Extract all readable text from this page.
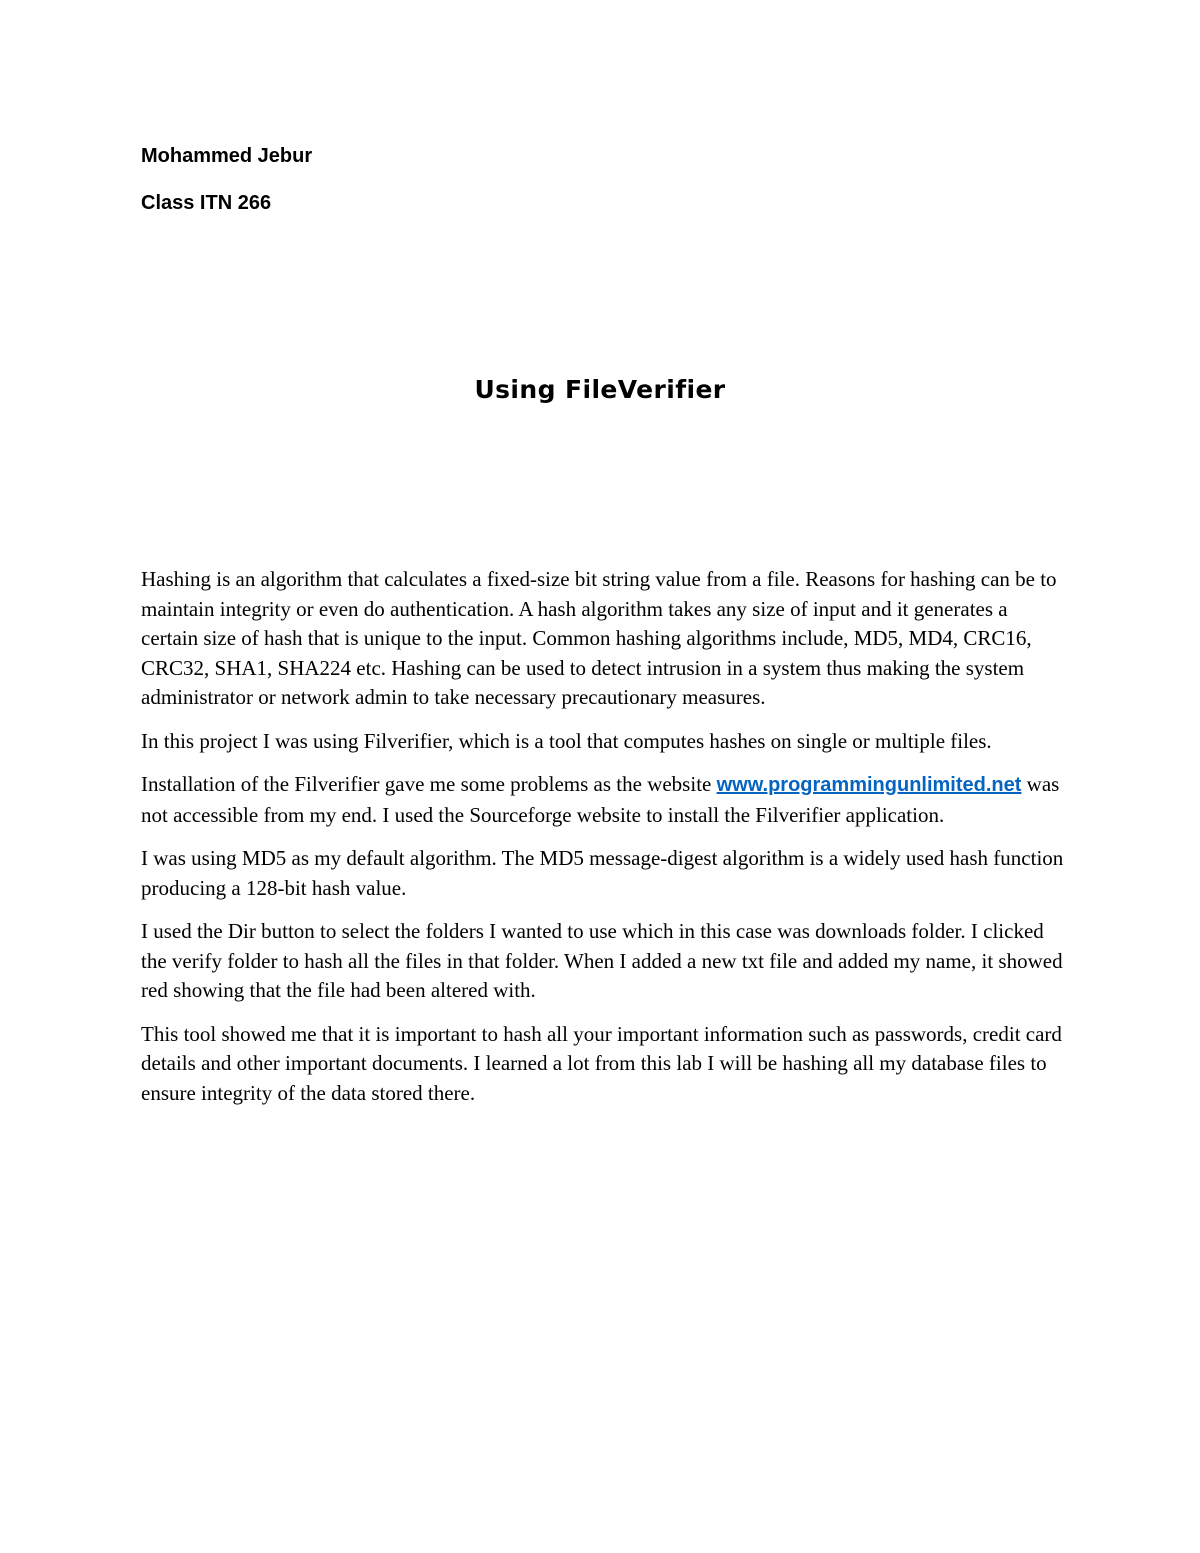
Mohammed Jebur

Class ITN 266

Using FileVerifier

Hashing is an algorithm that calculates a fixed-size bit string value from a file. Reasons for hashing can be to maintain integrity or even do authentication. A hash algorithm takes any size of input and it generates a certain size of hash that is unique to the input. Common hashing algorithms include, MD5, MD4, CRC16, CRC32, SHA1, SHA224 etc. Hashing can be used to detect intrusion in a system thus making the system administrator or network admin to take necessary precautionary measures.

In this project I was using Filverifier, which is a tool that computes hashes on single or multiple files.

Installation of the Filverifier gave me some problems as the website www.programmingunlimited.net was not accessible from my end. I used the Sourceforge website to install the Filverifier application.

I was using MD5 as my default algorithm. The MD5 message-digest algorithm is a widely used hash function producing a 128-bit hash value.

I used the Dir button to select the folders I wanted to use which in this case was downloads folder. I clicked the verify folder to hash all the files in that folder. When I added a new txt file and added my name, it showed red showing that the file had been altered with.

This tool showed me that it is important to hash all your important information such as passwords, credit card details and other important documents. I learned a lot from this lab I will be hashing all my database files to ensure integrity of the data stored there.
